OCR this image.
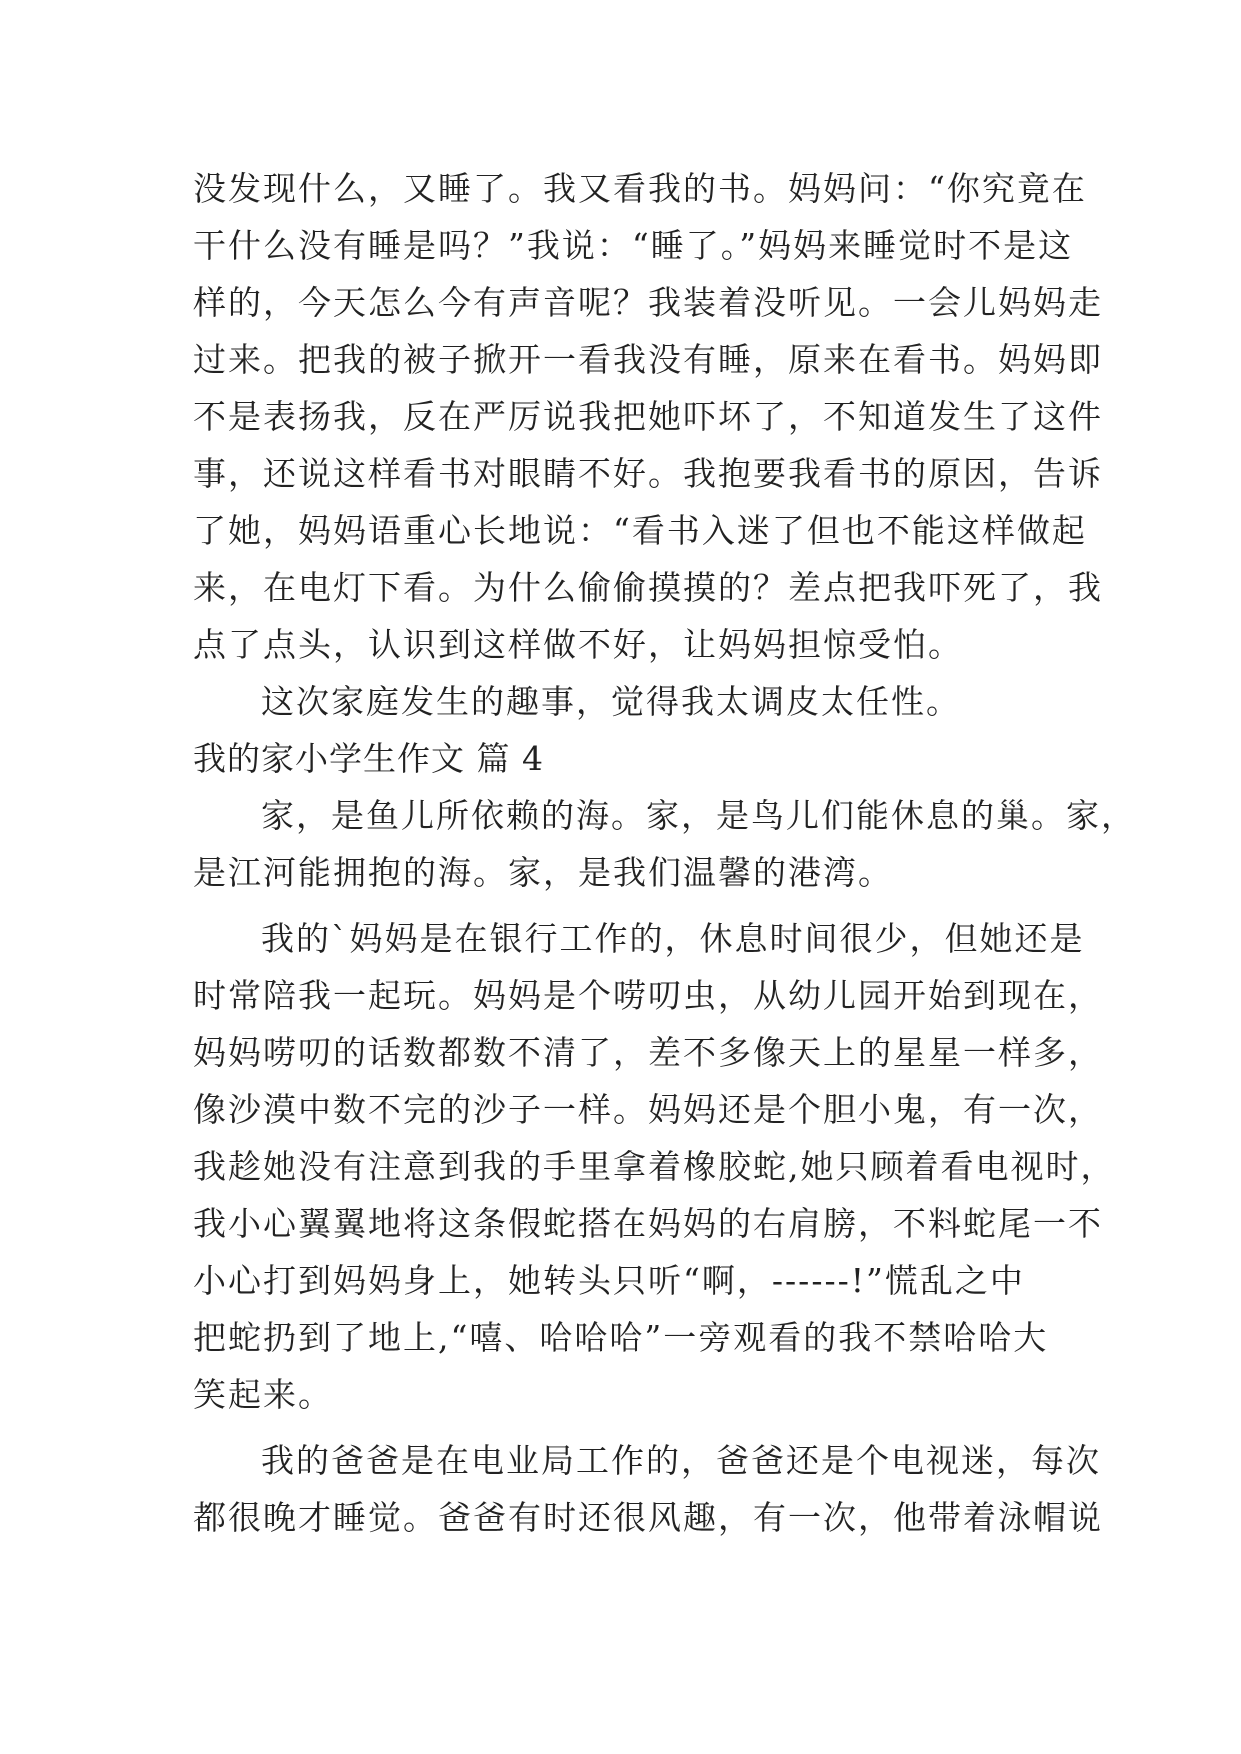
没发现什么，又睡了。我又看我的书。妈妈问：“你究竟在
干什么没有睡是吗？”我说：“睡了。”妈妈来睡觉时不是这
样的，今天怎么今有声音呢？我装着没听见。一会儿妈妈走
过来。把我的被子掀开一看我没有睡，原来在看书。妈妈即
不是表扬我，反在严厉说我把她吓坏了，不知道发生了这件
事，还说这样看书对眼睛不好。我抱要我看书的原因，告诉
了她，妈妈语重心长地说：“看书入迷了但也不能这样做起
来，在电灯下看。为什么偷偷摸摸的？差点把我吓死了，我
点了点头，认识到这样做不好，让妈妈担惊受怕。
这次家庭发生的趣事，觉得我太调皮太任性。
我的家小学生作文 篇 4
家，是鱼儿所依赖的海。家，是鸟儿们能休息的巢。家，
是江河能拥抱的海。家，是我们温馨的港湾。
我的`妈妈是在银行工作的，休息时间很少，但她还是
时常陪我一起玩。妈妈是个唠叨虫，从幼儿园开始到现在，
妈妈唠叨的话数都数不清了，差不多像天上的星星一样多，
像沙漠中数不完的沙子一样。妈妈还是个胆小鬼，有一次，
我趁她没有注意到我的手里拿着橡胶蛇,她只顾着看电视时，
我小心翼翼地将这条假蛇搭在妈妈的右肩膀，不料蛇尾一不
小心打到妈妈身上，她转头只听“啊，------!”慌乱之中
把蛇扔到了地上,“嘻、哈哈哈”一旁观看的我不禁哈哈大
笑起来。
我的爸爸是在电业局工作的，爸爸还是个电视迷，每次
都很晚才睡觉。爸爸有时还很风趣，有一次，他带着泳帽说
